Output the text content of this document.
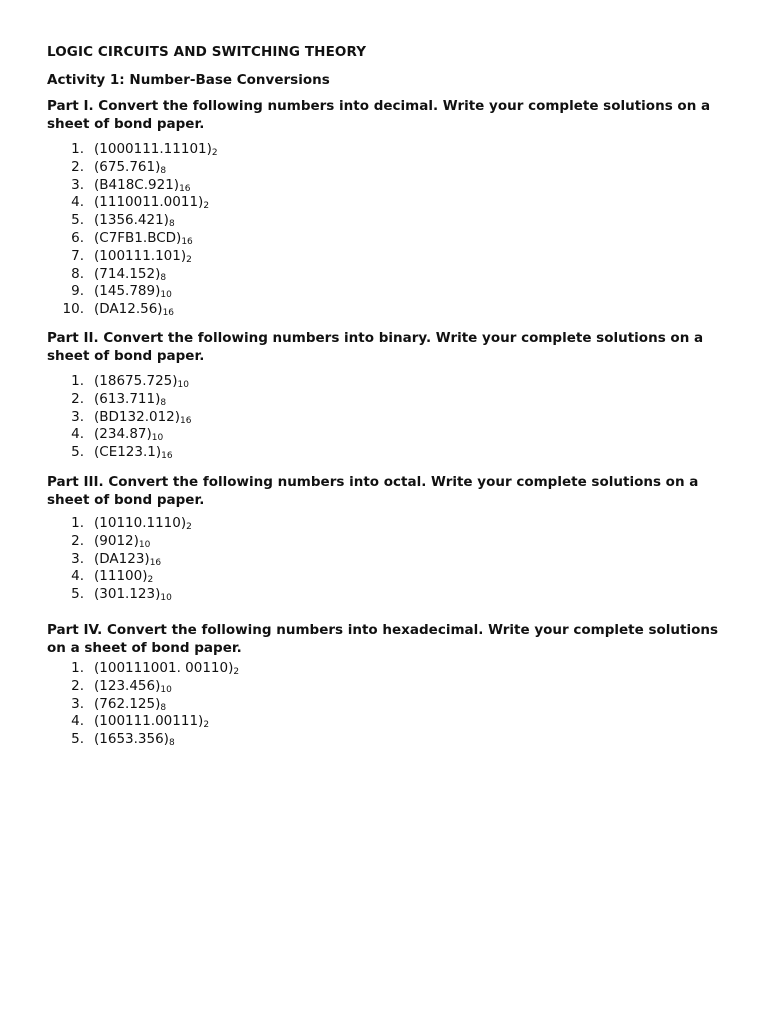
LOGIC CIRCUITS AND SWITCHING THEORY
Activity 1: Number-Base Conversions

Part I. Convert the following numbers into decimal. Write your complete solutions on a sheet of bond paper.

1. $(1000111.11101)_2$
2. $(675.761)_8$
3. $(B418C.921)_{16}$
4. $(1110011.0011)_2$
5. $(1356.421)_8$
6. $(C7FB1.BCD)_{16}$
7. $(100111.101)_2$
8. $(714.152)_8$
9. $(145.789)_{10}$
10. $(DA12.56)_{16}$

Part II. Convert the following numbers into binary. Write your complete solutions on a sheet of bond paper.

1. $(18675.725)_{10}$
2. $(613.711)_8$
3. $(BD132.012)_{16}$
4. $(234.87)_{10}$
5. $(CE123.1)_{16}$

Part III. Convert the following numbers into octal. Write your complete solutions on a sheet of bond paper.

1. $(10110.1110)_2$
2. $(9012)_{10}$
3. $(DA123)_{16}$
4. $(11100)_2$
5. $(301.123)_{10}$

Part IV. Convert the following numbers into hexadecimal. Write your complete solutions on a sheet of bond paper.

1. (100111001. $00110)_2$
2. $(123.456)_{10}$
3. $(762.125)_8$
4. $(100111.00111)_2$
5. $(1653.356)_8$
